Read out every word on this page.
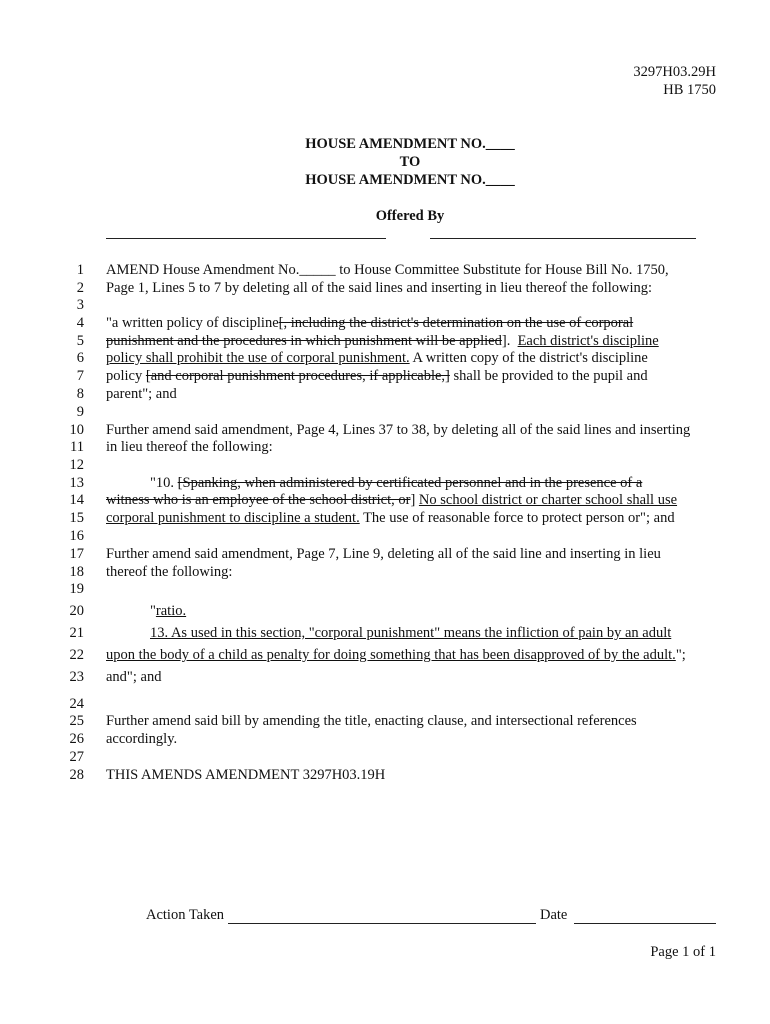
3297H03.29H
HB 1750
HOUSE AMENDMENT NO.____
TO
HOUSE AMENDMENT NO.____
Offered By
1
2
3
4
5
6
7
8
9
10
11
12
13
14
15
16
17
18
19
20
21
22
23
24
25
26
27
28
AMEND House Amendment No._____ to House Committee Substitute for House Bill No. 1750,
Page 1, Lines 5 to 7 by deleting all of the said lines and inserting in lieu thereof the following:
"a written policy of discipline[, including the district's determination on the use of corporal
punishment and the procedures in which punishment will be applied]. Each district's discipline
policy shall prohibit the use of corporal punishment. A written copy of the district's discipline
policy [and corporal punishment procedures, if applicable,] shall be provided to the pupil and
parent"; and
Further amend said amendment, Page 4, Lines 37 to 38, by deleting all of the said lines and inserting
in lieu thereof the following:
"10. [Spanking, when administered by certificated personnel and in the presence of a
witness who is an employee of the school district, or] No school district or charter school shall use
corporal punishment to discipline a student. The use of reasonable force to protect person or"; and
Further amend said amendment, Page 7, Line 9, deleting all of the said line and inserting in lieu
thereof the following:
"ratio.
13. As used in this section, "corporal punishment" means the infliction of pain by an adult
upon the body of a child as penalty for doing something that has been disapproved of by the adult.";
and"; and
Further amend said bill by amending the title, enacting clause, and intersectional references
accordingly.
THIS AMENDS AMENDMENT 3297H03.19H
Action Taken	Date
Page 1 of 1
